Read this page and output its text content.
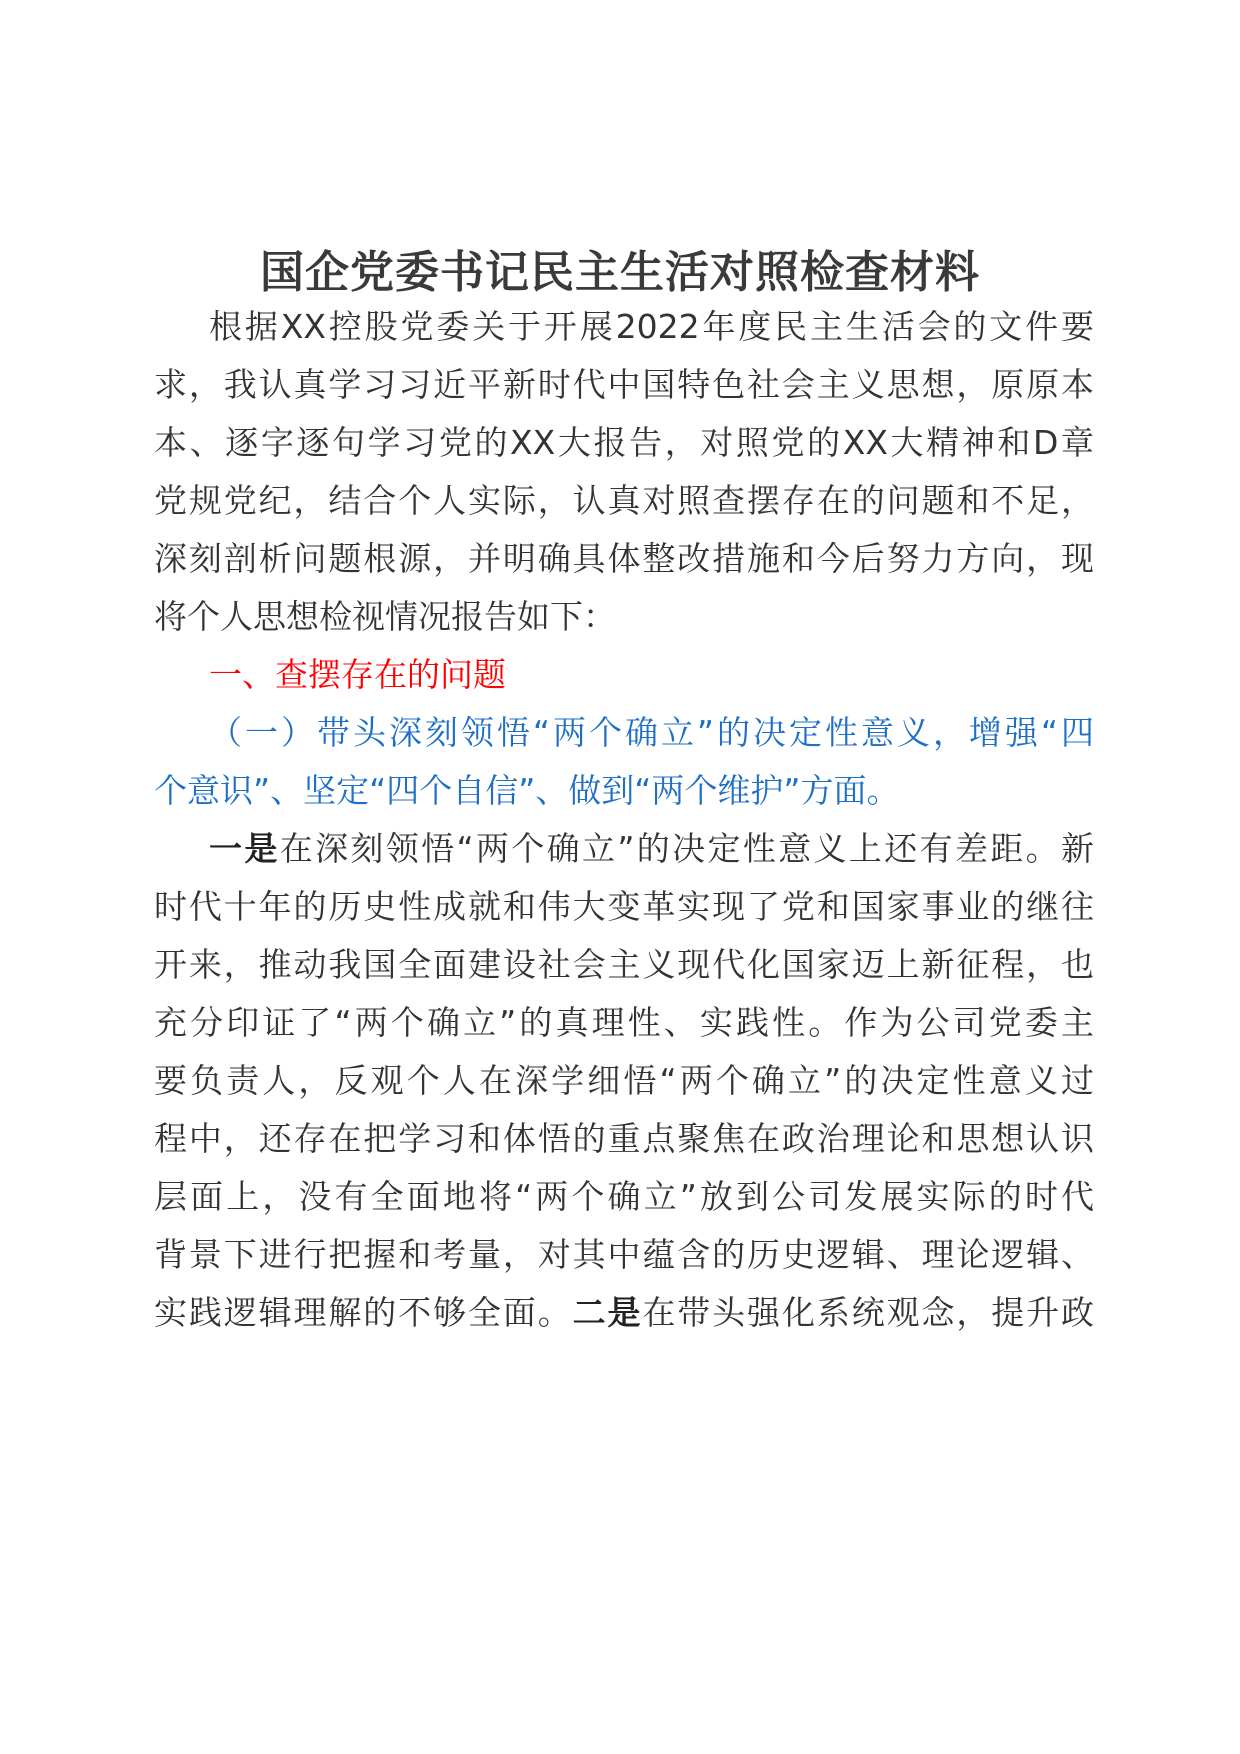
国企党委书记民主生活对照检查材料

根据XX控股党委关于开展2022年度民主生活会的文件要

求，我认真学习习近平新时代中国特色社会主义思想，原原本

本、逐字逐句学习党的XX大报告，对照党的XX大精神和D章

党规党纪，结合个人实际，认真对照查摆存在的问题和不足，

深刻剖析问题根源，并明确具体整改措施和今后努力方向，现

将个人思想检视情况报告如下：

一、查摆存在的问题

（一）带头深刻领悟“两个确立”的决定性意义，增强“四

个意识”、坚定“四个自信”、做到“两个维护”方面。

一是在深刻领悟“两个确立”的决定性意义上还有差距。新

时代十年的历史性成就和伟大变革实现了党和国家事业的继往

开来，推动我国全面建设社会主义现代化国家迈上新征程，也

充分印证了“两个确立”的真理性、实践性。作为公司党委主

要负责人，反观个人在深学细悟“两个确立”的决定性意义过

程中，还存在把学习和体悟的重点聚焦在政治理论和思想认识

层面上，没有全面地将“两个确立”放到公司发展实际的时代

背景下进行把握和考量，对其中蕴含的历史逻辑、理论逻辑、

实践逻辑理解的不够全面。二是在带头强化系统观念，提升政
